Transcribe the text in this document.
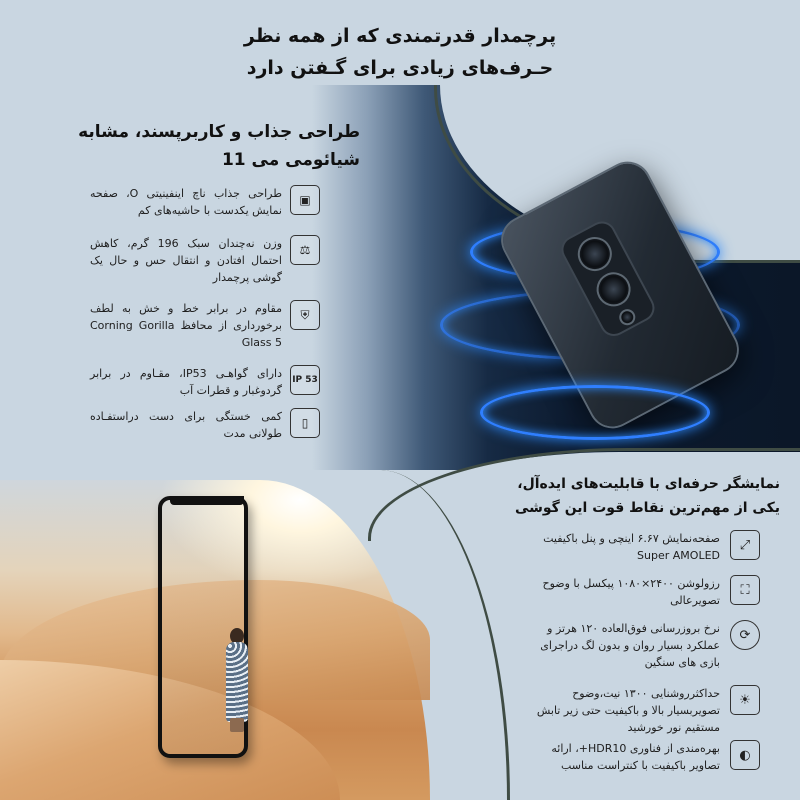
پرچمدار قدرتمندی که از همه نظر
حـرف‌های زیادی برای گـفتن دارد
طراحی جذاب و کاربرپسند، مشابه
شیائومی می 11
▣
طراحی جذاب ناچ اینفینیتی O، صفحه نمایش یکدست با حاشیه‌های کم
⚖
وزن نه‌چندان سبک 196 گرم، کاهش احتمال افتادن و انتقال حس و حال یک گوشی پرچمدار
⛨
مقاوم در برابر خط و خش به لطف برخورداری از محافظ Corning Gorilla Glass 5
IP 53
دارای گواهـی IP53، مقـاوم در برابر گردوغبار و قطرات آب
▯
کمی خستگی برای دست دراستفـاده طولانی مدت
نمایشگر حرفه‌ای با قابلیت‌های ایده‌آل،
یکی از مهم‌ترین نقاط قوت این گوشی
⤢
صفحه‌نمایش ۶.۶۷ اینچی و پنل باکیفیت Super AMOLED
⛶
رزولوشن ۲۴۰۰×۱۰۸۰ پیکسل با وضوح تصویرعالی
⟳
نرخ بروزرسانی فوق‌العاده ۱۲۰ هرتز و عملکرد بسیار روان و بدون لگ دراجرای بازی های سنگین
☀
حداکثرروشنایی ۱۳۰۰ نیت،وضوح تصویربسیار بالا و باکیفیت حتی زیر تابش مستقیم نور خورشید
◐
بهره‌مندی از فناوری HDR10+، ارائه تصاویر باکیفیت با کنتراست مناسب
